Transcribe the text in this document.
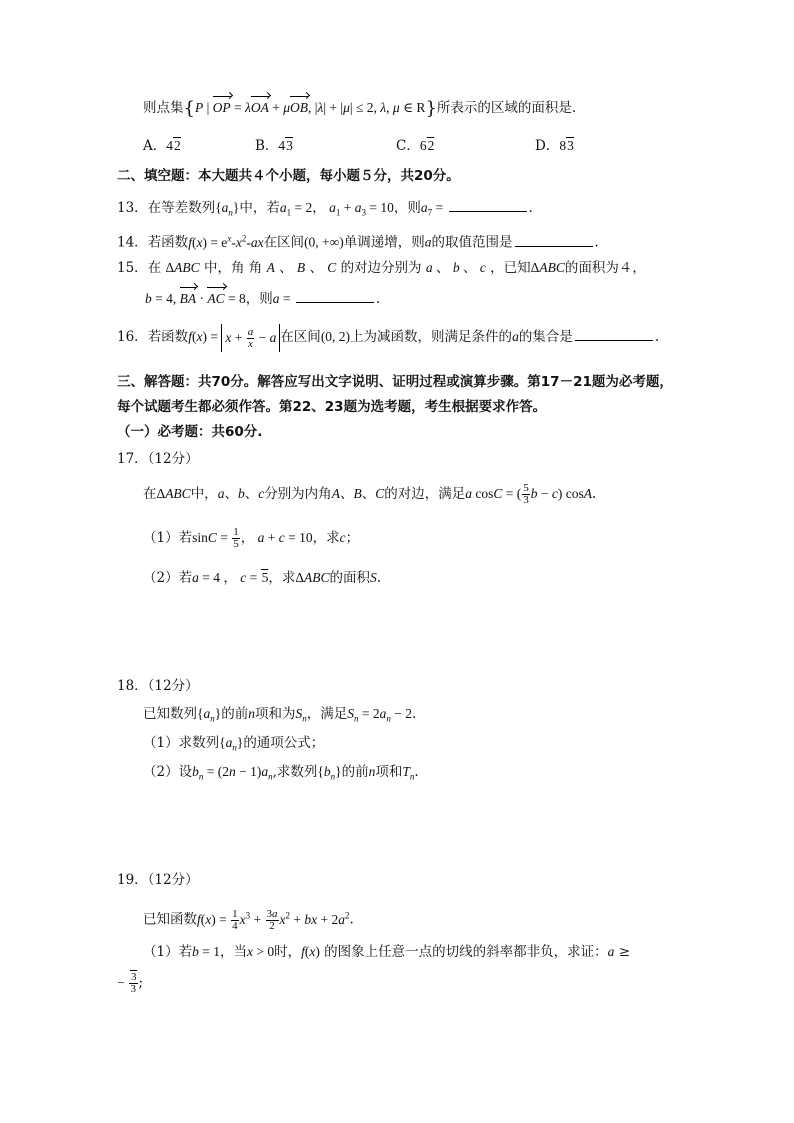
则点集{P | OP = λOA + μOB, |λ| + |μ| ≤ 2, λ, μ ∈ R}所表示的区域的面积是.
A．42	B．43	C．62	D．83
二、填空题：本大题共４个小题，每小题５分，共20分。
13．在等差数列$\{a_n\}$中，若$a_1 = 2$， $a_1 + a_3 = 10$，则$a_7$ =	.
14．若函数$f(x) = e^x-x^2-ax$在区间(0, +∞)单调递增，则a的取值范围是	.
15．在 ΔABC 中，角 角 A 、 B 、 C 的对边分别为 a 、 b 、 c ，已知ΔABC的面积为４，
b = 4, BA · AC = 8，则a =	.
16．若函数$f(x) = x + \frac{a}{x} - a$ 在区间(0, 2)上为减函数，则满足条件的a的集合是	.
三、解答题：共70分。解答应写出文字说明、证明过程或演算步骤。第17－21题为必考题，
每个试题考生都必须作答。第22、23题为选考题，考生根据要求作答。
（一）必考题：共60分.
17．（12分）
在ΔABC中，a、b、c分别为内角A、B、C的对边，满足a cosC = ( $\frac{5}{3}$ b − c) cosA.
（1）若$\sin C = \frac{1}{5}$ ， a + c = 10，求c；
（2）若a = 4 ， c = 5，求ΔABC的面积S.
18．（12分）
已知数列$\{a_n\}$的前n项和为$S_n$，满足$S_n = 2a_n - 2$.
（1）求数列$\{a_n\}$的通项公式；
（2）设$b_n = (2n - 1)a_n$,求数列$\{b_n\}$的前n项和$T_n$.
19．（12分）
已知函数$f(x) = \frac{1}{4} x^3 + \frac{3a}{2} x^2$ + bx + $2a^2$.
（1）若b = 1，当x > 0时，f(x) 的图象上任意一点的切线的斜率都非负，求证：a ≥
− $\frac{3}{3}$ ;
